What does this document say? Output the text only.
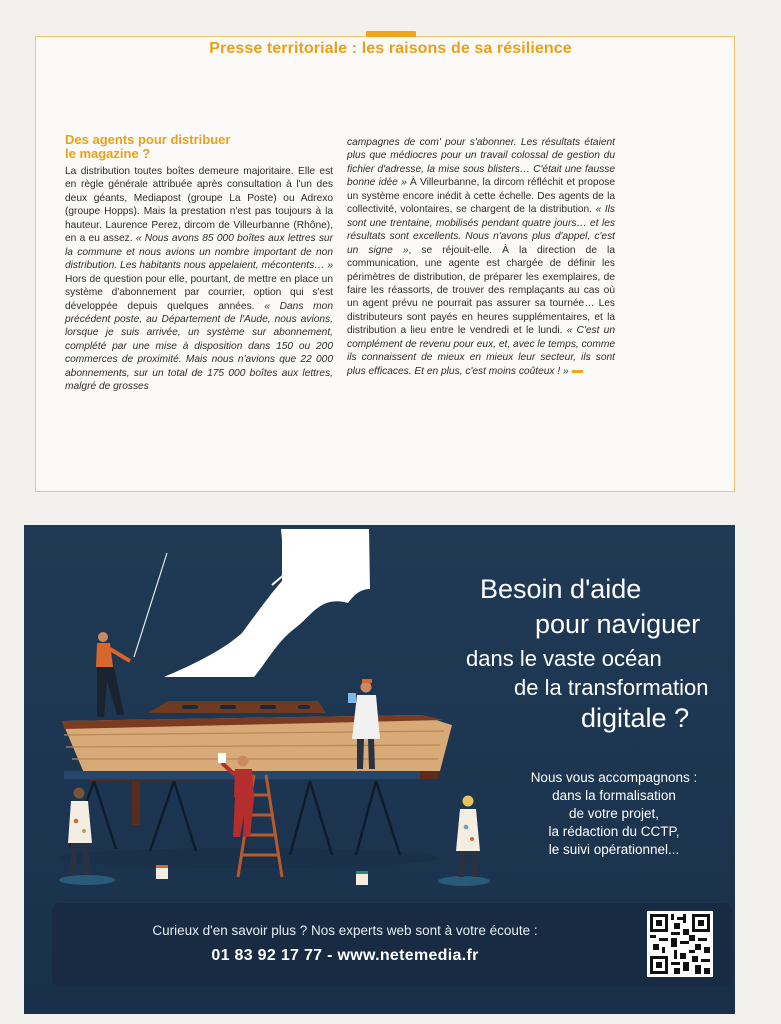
Presse territoriale : les raisons de sa résilience
Des agents pour distribuer
le magazine ?

La distribution toutes boîtes demeure majoritaire. Elle est en règle générale attribuée après consultation à l'un des deux géants, Mediapost (groupe La Poste) ou Adrexo (groupe Hopps). Mais la prestation n'est pas toujours à la hauteur. Laurence Perez, dircom de Villeurbanne (Rhône), en a eu assez. « Nous avons 85 000 boîtes aux lettres sur la commune et nous avions un nombre important de non distribution. Les habitants nous appelaient, mécontents… » Hors de question pour elle, pourtant, de mettre en place un système d'abonnement par courrier, option qui s'est développée depuis quelques années. « Dans mon précédent poste, au Département de l'Aude, nous avions, lorsque je suis arrivée, un système sur abonnement, complété par une mise à disposition dans 150 ou 200 commerces de proximité. Mais nous n'avions que 22 000 abonnements, sur un total de 175 000 boîtes aux lettres, malgré de grosses

campagnes de com' pour s'abonner. Les résultats étaient plus que médiocres pour un travail colossal de gestion du fichier d'adresse, la mise sous blisters… C'était une fausse bonne idée » À Villeurbanne, la dircom réfléchit et propose un système encore inédit à cette échelle. Des agents de la collectivité, volontaires, se chargent de la distribution. « Ils sont une trentaine, mobilisés pendant quatre jours… et les résultats sont excellents. Nous n'avons plus d'appel, c'est un signe », se réjouit-elle. À la direction de la communication, une agente est chargée de définir les périmètres de distribution, de préparer les exemplaires, de faire les réassorts, de trouver des remplaçants au cas où un agent prévu ne pourrait pas assurer sa tournée… Les distributeurs sont payés en heures supplémentaires, et la distribution a lieu entre le vendredi et le lundi. « C'est un complément de revenu pour eux, et, avec le temps, comme ils connaissent de mieux en mieux leur secteur, ils sont plus efficaces. Et en plus, c'est moins coûteux ! »

Besoin d'aide
pour naviguer
dans le vaste océan
de la transformation
digitale ?
Nous vous accompagnons :
dans la formalisation
de votre projet,
la rédaction du CCTP,
le suivi opérationnel...
Curieux d'en savoir plus ? Nos experts web sont à votre écoute :
01 83 92 17 77 - www.netemedia.fr
